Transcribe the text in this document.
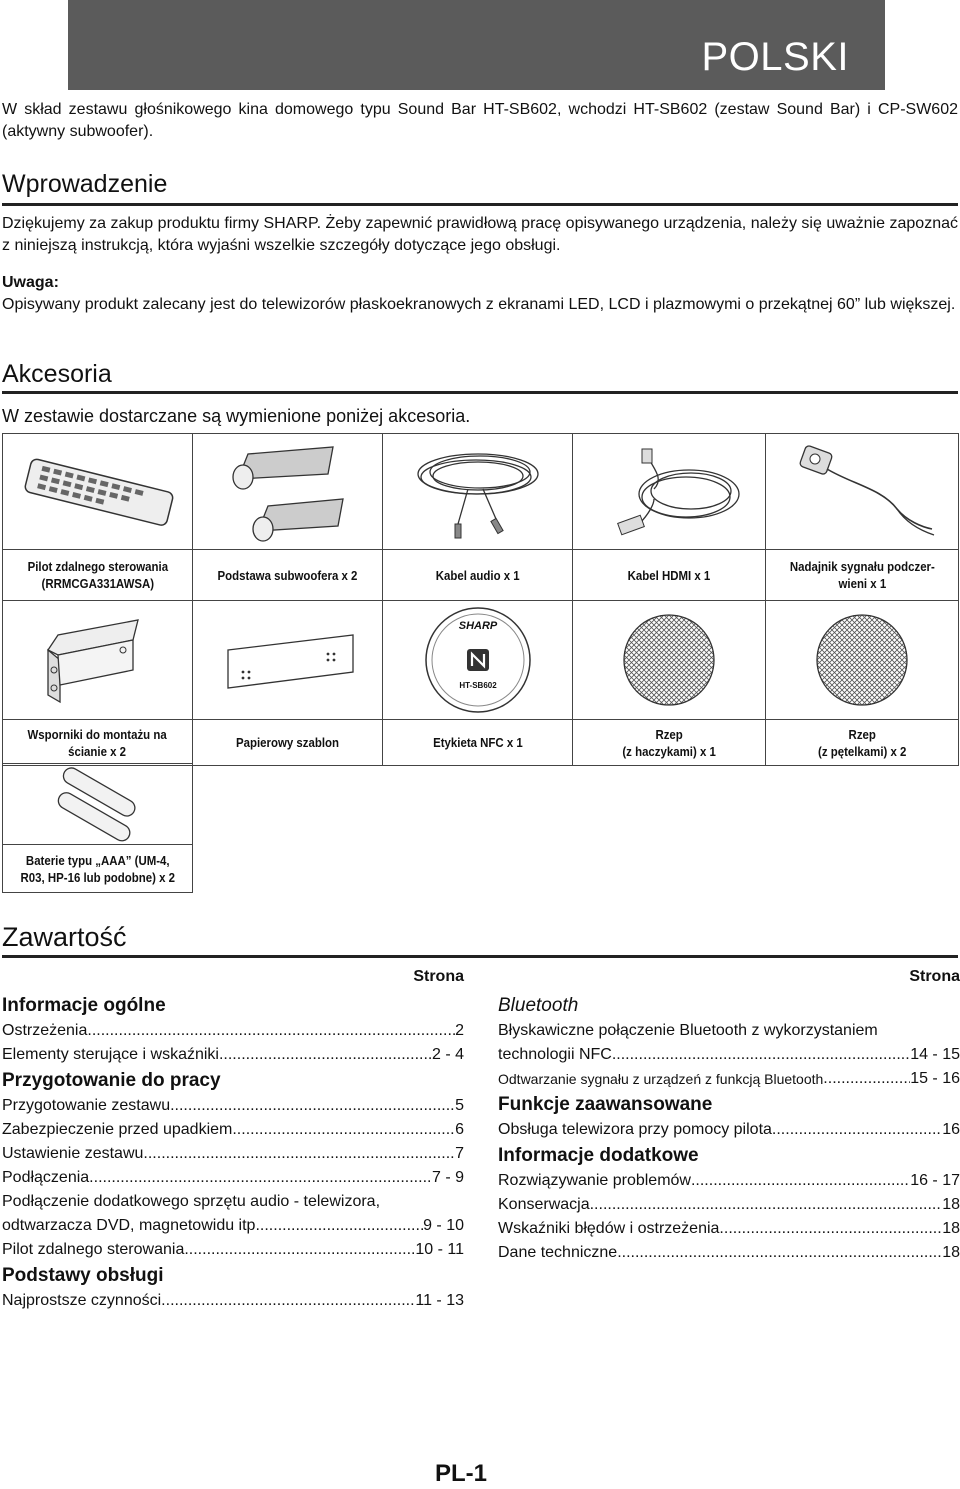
POLSKI
W skład zestawu głośnikowego kina domowego typu Sound Bar HT-SB602, wchodzi HT-SB602 (zestaw Sound Bar) i CP-SW602 (aktywny subwoofer).
Wprowadzenie
Dziękujemy za zakup produktu firmy SHARP. Żeby zapewnić prawidłową pracę opisywanego urządzenia, należy się uważnie zapoznać z niniejszą instrukcją, która wyjaśni wszelkie szczegóły dotyczące jego obsługi.
Uwaga:
Opisywany produkt zalecany jest do telewizorów płaskoekranowych z ekranami LED, LCD i plazmowymi o przekątnej 60” lub większej.
Akcesoria
W zestawie dostarczane są wymienione poniżej akcesoria.

Pilot zdalnego sterowania
(RRMCGA331AWSA)	Podstawa subwoofera x 2	Kabel audio x 1	Kabel HDMI x 1	Nadajnik sygnału podczer-
wieni x 1

SHARP
HT-SB602

Wsporniki do montażu na
ścianie x 2	Papierowy szablon	Etykieta NFC x 1	Rzep
(z haczykami) x 1	Rzep
(z pętelkami) x 2

Baterie typu „AAA” (UM-4,
R03, HP-16 lub podobne) x 2
Zawartość
Strona
Informacje ogólne
Ostrzeżenia .....	2
Elementy sterujące i wskaźniki .....	2 - 4
Przygotowanie do pracy
Przygotowanie zestawu .....	5
Zabezpieczenie przed upadkiem .....	6
Ustawienie zestawu .....	7
Podłączenia .....	7 - 9
Podłączenie dodatkowego sprzętu audio - telewizora,
odtwarzacza DVD, magnetowidu itp. .....	9 - 10
Pilot zdalnego sterowania .....	10 - 11
Podstawy obsługi
Najprostsze czynności .....	11 - 13
Strona
Bluetooth
Błyskawiczne połączenie Bluetooth z wykorzystaniem
technologii NFC .....	14 - 15
Odtwarzanie sygnału z urządzeń z funkcją Bluetooth .....	15 - 16
Funkcje zaawansowane
Obsługa telewizora przy pomocy pilota .....	16
Informacje dodatkowe
Rozwiązywanie problemów .....	16 - 17
Konserwacja .....	18
Wskaźniki błędów i ostrzeżenia .....	18
Dane techniczne .....	18
PL-1
